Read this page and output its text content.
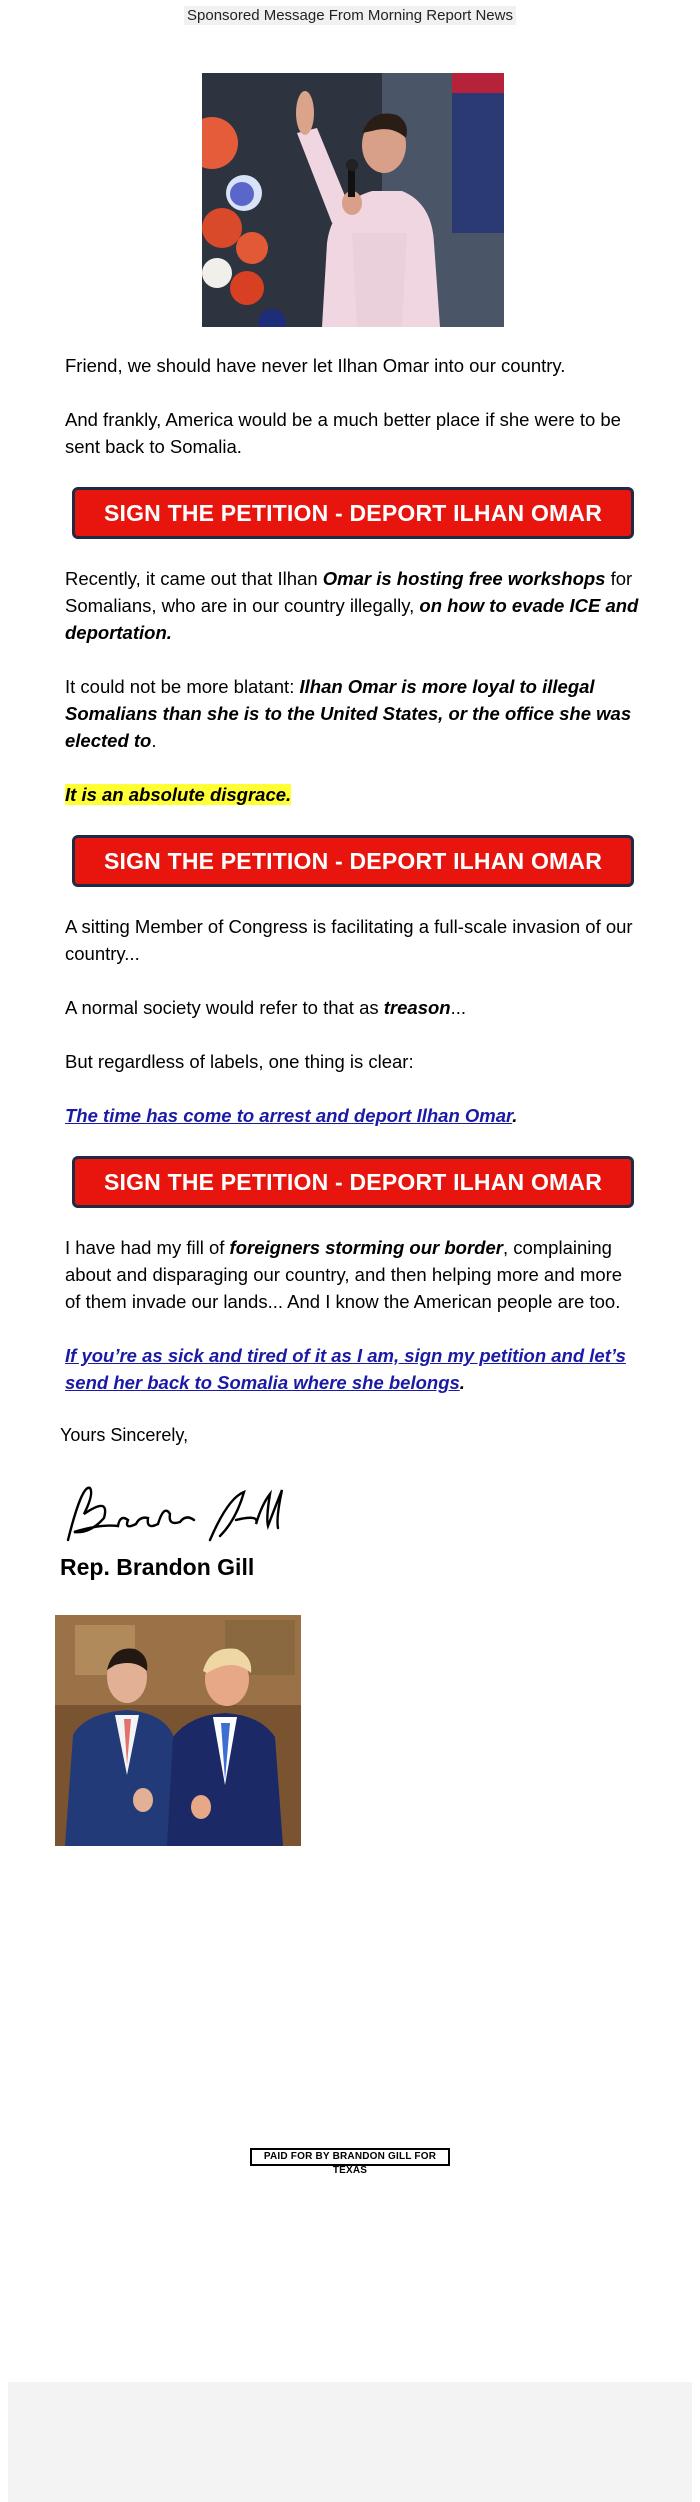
Sponsored Message From Morning Report News

Friend, we should have never let Ilhan Omar into our country.

And frankly, America would be a much better place if she were to be sent back to Somalia.

SIGN THE PETITION - DEPORT ILHAN OMAR

Recently, it came out that Ilhan Omar is hosting free workshops for Somalians, who are in our country illegally, on how to evade ICE and deportation.

It could not be more blatant: Ilhan Omar is more loyal to illegal Somalians than she is to the United States, or the office she was elected to.

It is an absolute disgrace.

SIGN THE PETITION - DEPORT ILHAN OMAR

A sitting Member of Congress is facilitating a full-scale invasion of our country...

A normal society would refer to that as treason...

But regardless of labels, one thing is clear:

The time has come to arrest and deport Ilhan Omar.

SIGN THE PETITION - DEPORT ILHAN OMAR

I have had my fill of foreigners storming our border, complaining about and disparaging our country, and then helping more and more of them invade our lands... And I know the American people are too.

If you’re as sick and tired of it as I am, sign my petition and let’s send her back to Somalia where she belongs.

Yours Sincerely,

Rep. Brandon Gill

PAID FOR BY BRANDON GILL FOR TEXAS
